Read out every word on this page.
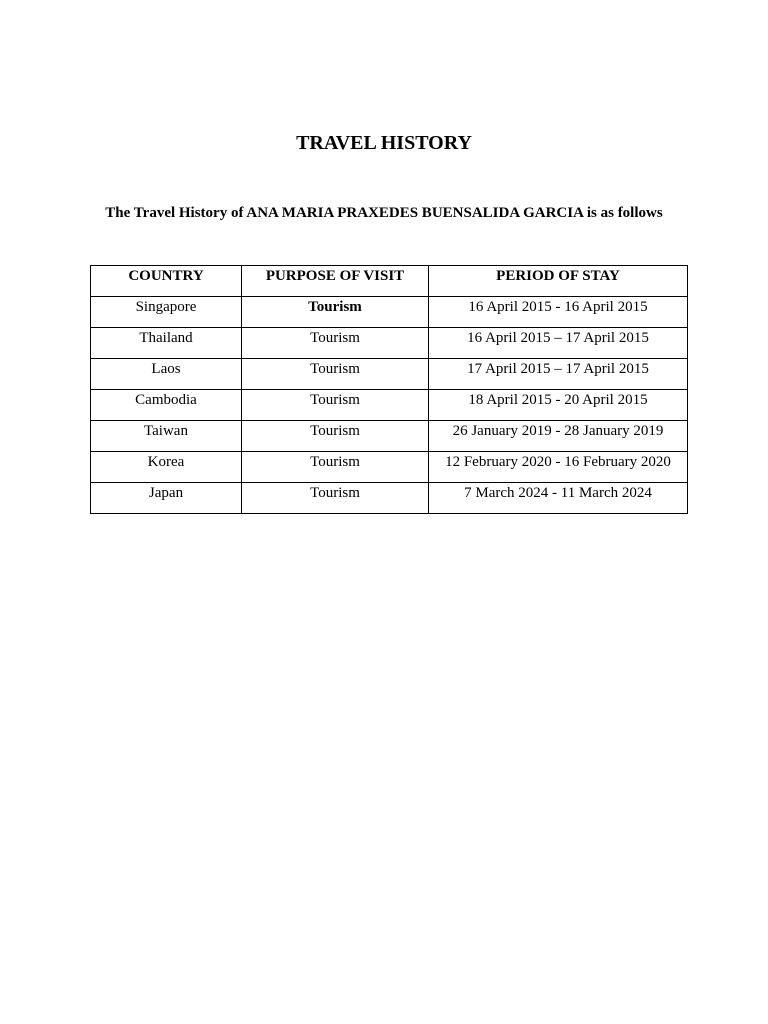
TRAVEL HISTORY

The Travel History of ANA MARIA PRAXEDES BUENSALIDA GARCIA is as follows

COUNTRY	PURPOSE OF VISIT	PERIOD OF STAY
Singapore	Tourism	16 April 2015 - 16 April 2015
Thailand	Tourism	16 April 2015 – 17 April 2015
Laos	Tourism	17 April 2015 – 17 April 2015
Cambodia	Tourism	18 April 2015 - 20 April 2015
Taiwan	Tourism	26 January 2019 - 28 January 2019
Korea	Tourism	12 February 2020 - 16 February 2020
Japan	Tourism	7 March 2024 - 11 March 2024
